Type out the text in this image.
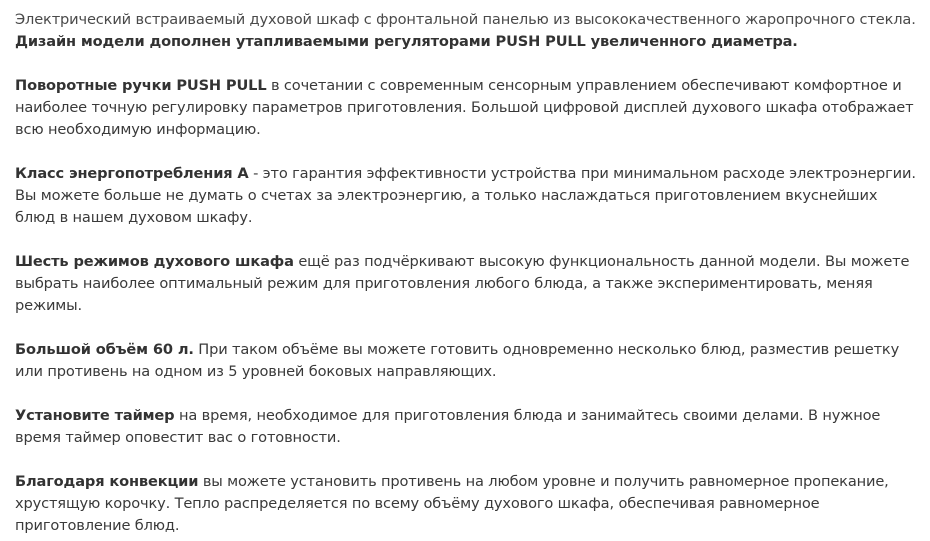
Электрический встраиваемый духовой шкаф с фронтальной панелью из высококачественного жаропрочного стекла. Дизайн модели дополнен утапливаемыми регуляторами PUSH PULL увеличенного диаметра.

Поворотные ручки PUSH PULL в сочетании с современным сенсорным управлением обеспечивают комфортное и наиболее точную регулировку параметров приготовления. Большой цифровой дисплей духового шкафа отображает всю необходимую информацию.

Класс энергопотребления А - это гарантия эффективности устройства при минимальном расходе электроэнергии. Вы можете больше не думать о счетах за электроэнергию, а только наслаждаться приготовлением вкуснейших блюд в нашем духовом шкафу.

Шесть режимов духового шкафа ещё раз подчёркивают высокую функциональность данной модели. Вы можете выбрать наиболее оптимальный режим для приготовления любого блюда, а также экспериментировать, меняя режимы.

Большой объём 60 л. При таком объёме вы можете готовить одновременно несколько блюд, разместив решетку или противень на одном из 5 уровней боковых направляющих.

Установите таймер на время, необходимое для приготовления блюда и занимайтесь своими делами. В нужное время таймер оповестит вас о готовности.

Благодаря конвекции вы можете установить противень на любом уровне и получить равномерное пропекание, хрустящую корочку. Тепло распределяется по всему объёму духового шкафа, обеспечивая равномерное приготовление блюд.
